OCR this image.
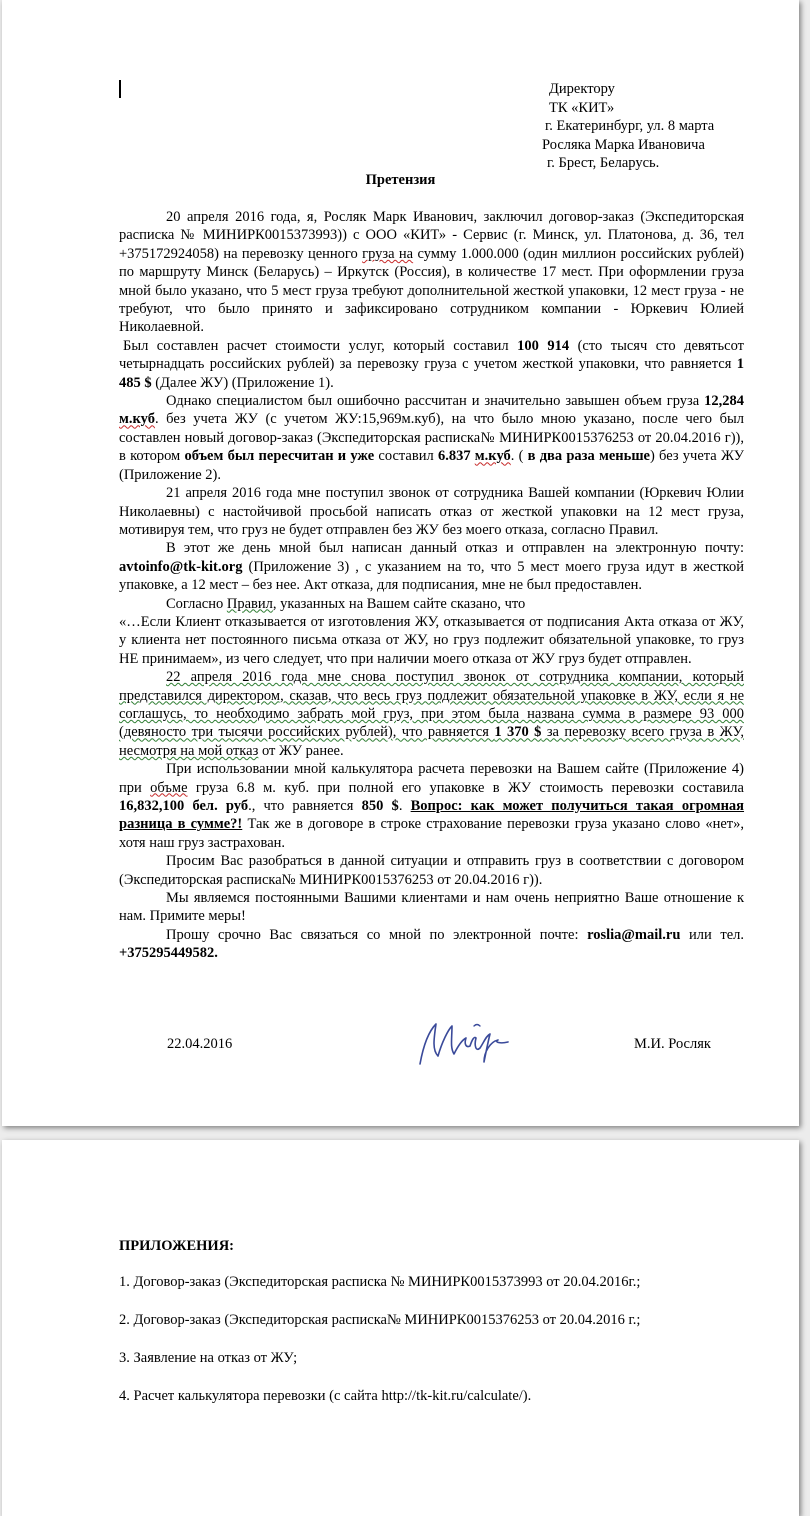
Директору
ТК «КИТ»
г. Екатеринбург, ул. 8 марта
Росляка Марка Ивановича
г. Брест, Беларусь.
Претензия

20 апреля 2016 года, я, Росляк Марк Иванович, заключил договор-заказ (Экспедиторская расписка № МИНИРК0015373993)) с ООО «КИТ» - Сервис (г. Минск, ул. Платонова, д. 36, тел +375172924058) на перевозку ценного груза на сумму 1.000.000 (один миллион российских рублей) по маршруту Минск (Беларусь) – Иркутск (Россия), в количестве 17 мест. При оформлении груза мной было указано, что 5 мест груза требуют дополнительной жесткой упаковки, 12 мест груза - не требуют, что было принято и зафиксировано сотрудником компании - Юркевич Юлией Николаевной.

Был составлен расчет стоимости услуг, который составил 100 914 (сто тысяч сто девятьсот четырнадцать российских рублей) за перевозку груза с учетом жесткой упаковки, что равняется 1 485 $ (Далее ЖУ) (Приложение 1).

Однако специалистом был ошибочно рассчитан и значительно завышен объем груза 12,284 м.куб. без учета ЖУ (с учетом ЖУ:15,969м.куб), на что было мною указано, после чего был составлен новый договор-заказ (Экспедиторская расписка№ МИНИРК0015376253 от 20.04.2016 г)), в котором объем был пересчитан и уже составил 6.837 м.куб. ( в два раза меньше) без учета ЖУ (Приложение 2).

21 апреля 2016 года мне поступил звонок от сотрудника Вашей компании (Юркевич Юлии Николаевны) с настойчивой просьбой написать отказ от жесткой упаковки на 12 мест груза, мотивируя тем, что груз не будет отправлен без ЖУ без моего отказа, согласно Правил.

В этот же день мной был написан данный отказ и отправлен на электронную почту: avtoinfo@tk-kit.org (Приложение 3) , с указанием на то, что 5 мест моего груза идут в жесткой упаковке, а 12 мест – без нее. Акт отказа, для подписания, мне не был предоставлен.

Согласно Правил, указанных на Вашем сайте сказано, что

«…Если Клиент отказывается от изготовления ЖУ, отказывается от подписания Акта отказа от ЖУ, у клиента нет постоянного письма отказа от ЖУ, но груз подлежит обязательной упаковке, то груз НЕ принимаем», из чего следует, что при наличии моего отказа от ЖУ груз будет отправлен.

22 апреля 2016 года мне снова поступил звонок от сотрудника компании, который представился директором, сказав, что весь груз подлежит обязательной упаковке в ЖУ, если я не соглашусь, то необходимо забрать мой груз, при этом была названа сумма в размере 93 000 (девяносто три тысячи российских рублей), что равняется 1 370 $ за перевозку всего груза в ЖУ, несмотря на мой отказ от ЖУ ранее.

При использовании мной калькулятора расчета перевозки на Вашем сайте (Приложение 4) при объме груза 6.8 м. куб. при полной его упаковке в ЖУ стоимость перевозки составила 16,832,100 бел. руб., что равняется 850 $. Вопрос: как может получиться такая огромная разница в сумме?! Так же в договоре в строке страхование перевозки груза указано слово «нет», хотя наш груз застрахован.

Просим Вас разобраться в данной ситуации и отправить груз в соответствии с договором (Экспедиторская расписка№ МИНИРК0015376253 от 20.04.2016 г)).

Мы являемся постоянными Вашими клиентами и нам очень неприятно Ваше отношение к нам. Примите меры!

Прошу срочно Вас связаться со мной по электронной почте: roslia@mail.ru или тел. +375295449582.

22.04.2016	М.И. Росляк
ПРИЛОЖЕНИЯ:
1. Договор-заказ (Экспедиторская расписка № МИНИРК0015373993 от 20.04.2016г.;
2. Договор-заказ (Экспедиторская расписка№ МИНИРК0015376253 от 20.04.2016 г.;
3. Заявление на отказ от ЖУ;
4. Расчет калькулятора перевозки (с сайта http://tk-kit.ru/calculate/).
